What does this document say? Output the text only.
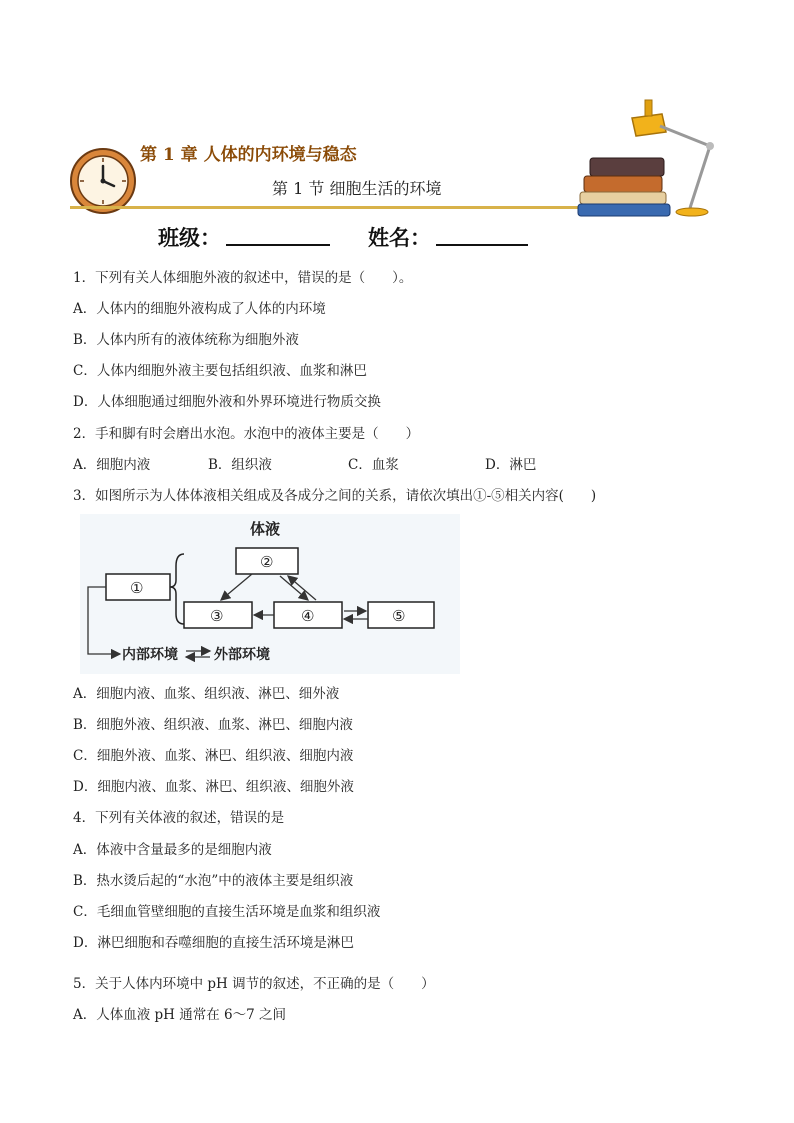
第 1 章 人体的内环境与稳态
第 1 节 细胞生活的环境
班级：	姓名：
1．下列有关人体细胞外液的叙述中，错误的是（　　）。
A．人体内的细胞外液构成了人体的内环境
B．人体内所有的液体统称为细胞外液
C．人体内细胞外液主要包括组织液、血浆和淋巴
D．人体细胞通过细胞外液和外界环境进行物质交换
2．手和脚有时会磨出水泡。水泡中的液体主要是（　　）
A．细胞内液	B．组织液	C．血浆	D．淋巴
3．如图所示为人体体液相关组成及各成分之间的关系，请依次填出①-⑤相关内容(　　)
体液
②
①
③	④	⑤
内部环境	外部环境
A．细胞内液、血浆、组织液、淋巴、细外液
B．细胞外液、组织液、血浆、淋巴、细胞内液
C．细胞外液、血浆、淋巴、组织液、细胞内液
D．细胞内液、血浆、淋巴、组织液、细胞外液
4．下列有关体液的叙述，错误的是
A．体液中含量最多的是细胞内液
B．热水烫后起的“水泡”中的液体主要是组织液
C．毛细血管壁细胞的直接生活环境是血浆和组织液
D．淋巴细胞和吞噬细胞的直接生活环境是淋巴
5．关于人体内环境中 pH 调节的叙述，不正确的是（　　）
A．人体血液 pH 通常在 6～7 之间
